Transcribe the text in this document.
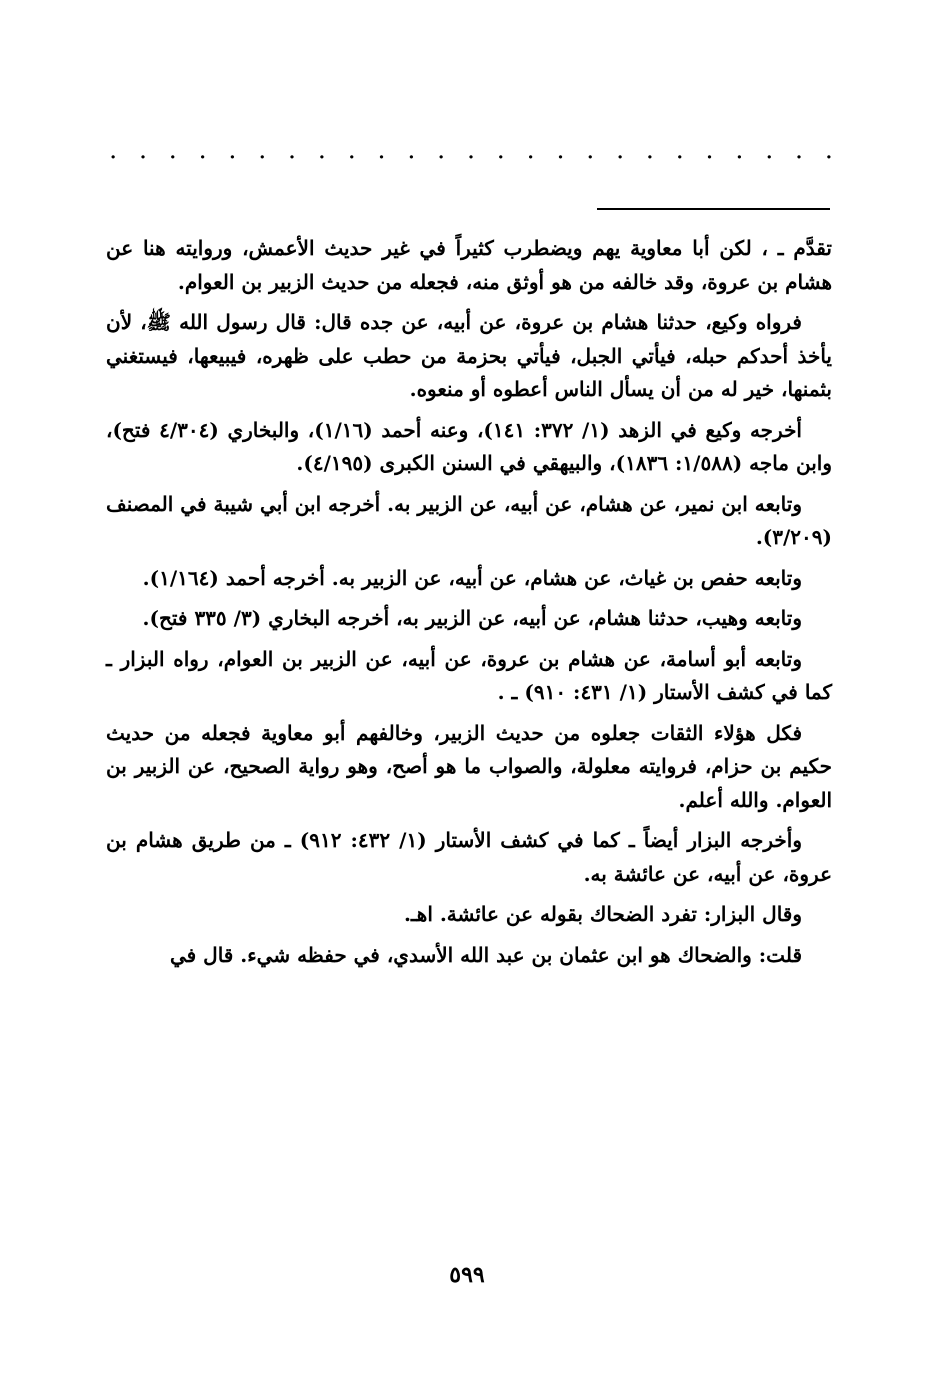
· · · · · · · · · · · · · · · · · · · · · · · · ·

تقدَّم ـ ، لكن أبا معاوية يهم ويضطرب كثيراً في غير حديث الأعمش، وروايته هنا عن هشام بن عروة، وقد خالفه من هو أوثق منه، فجعله من حديث الزبير بن العوام.

فرواه وكيع، حدثنا هشام بن عروة، عن أبيه، عن جده قال: قال رسول الله ﷺ، لأن يأخذ أحدكم حبله، فيأتي الجبل، فيأتي بحزمة من حطب على ظهره، فيبيعها، فيستغني بثمنها، خير له من أن يسأل الناس أعطوه أو منعوه.

أخرجه وكيع في الزهد (١/ ٣٧٢: ١٤١)، وعنه أحمد (١/١٦)، والبخاري (٤/٣٠٤ فتح)، وابن ماجه (١/٥٨٨: ١٨٣٦)، والبيهقي في السنن الكبرى (٤/١٩٥).

وتابعه ابن نمير، عن هشام، عن أبيه، عن الزبير به. أخرجه ابن أبي شيبة في المصنف (٣/٢٠٩).

وتابعه حفص بن غياث، عن هشام، عن أبيه، عن الزبير به. أخرجه أحمد (١/١٦٤).

وتابعه وهيب، حدثنا هشام، عن أبيه، عن الزبير به، أخرجه البخاري (٣/ ٣٣٥ فتح).

وتابعه أبو أسامة، عن هشام بن عروة، عن أبيه، عن الزبير بن العوام، رواه البزار ـ كما في كشف الأستار (١/ ٤٣١: ٩١٠) ـ .

فكل هؤلاء الثقات جعلوه من حديث الزبير، وخالفهم أبو معاوية فجعله من حديث حكيم بن حزام، فروايته معلولة، والصواب ما هو أصح، وهو رواية الصحيح، عن الزبير بن العوام. والله أعلم.

وأخرجه البزار أيضاً ـ كما في كشف الأستار (١/ ٤٣٢: ٩١٢) ـ من طريق هشام بن عروة، عن أبيه، عن عائشة به.

وقال البزار: تفرد الضحاك بقوله عن عائشة. اهـ.

قلت: والضحاك هو ابن عثمان بن عبد الله الأسدي، في حفظه شيء. قال في

٥٩٩
